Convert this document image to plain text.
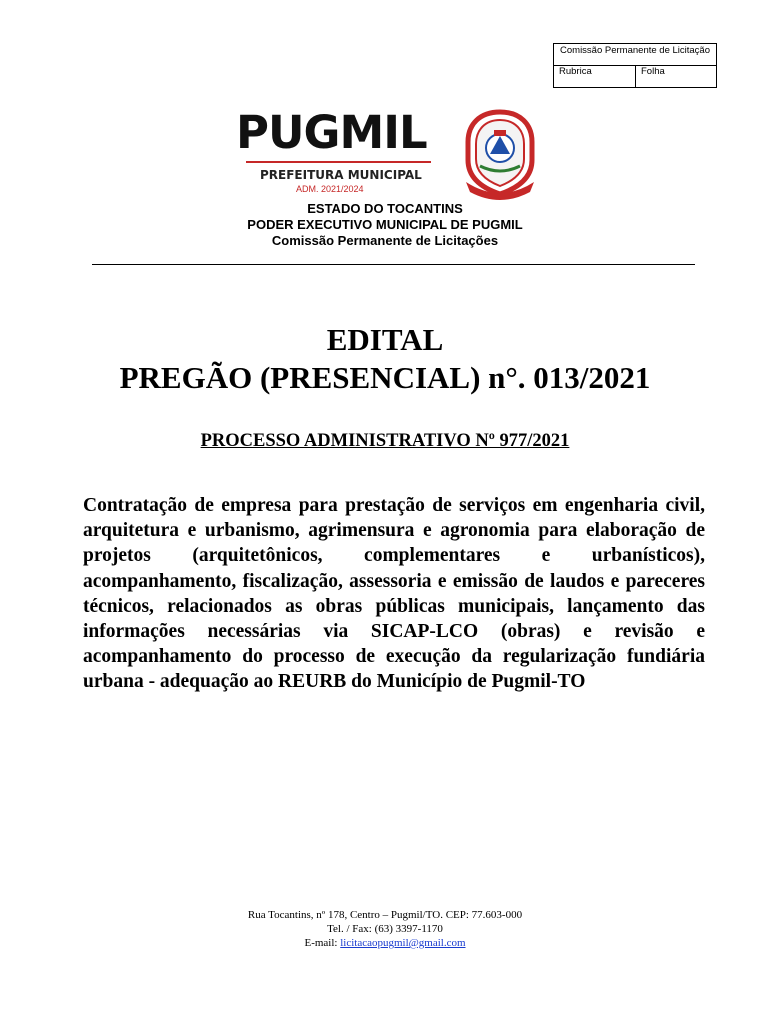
Comissão Permanente de Licitação
Rubrica	Folha
PUGMIL
PREFEITURA MUNICIPAL
ADM. 2021/2024
ESTADO DO TOCANTINS
PODER EXECUTIVO MUNICIPAL DE PUGMIL
Comissão Permanente de Licitações
EDITAL
PREGÃO (PRESENCIAL) n°. 013/2021
PROCESSO ADMINISTRATIVO Nº 977/2021
Contratação de empresa para prestação de serviços em engenharia civil, arquitetura e urbanismo, agrimensura e agronomia para elaboração de projetos (arquitetônicos, complementares e urbanísticos), acompanhamento, fiscalização, assessoria e emissão de laudos e pareceres técnicos, relacionados as obras públicas municipais, lançamento das informações necessárias via SICAP-LCO (obras) e revisão e acompanhamento do processo de execução da regularização fundiária urbana - adequação ao REURB do Município de Pugmil-TO
Rua Tocantins, nº 178, Centro – Pugmil/TO. CEP: 77.603-000
Tel. / Fax: (63) 3397-1170
E-mail: licitacaopugmil@gmail.com
